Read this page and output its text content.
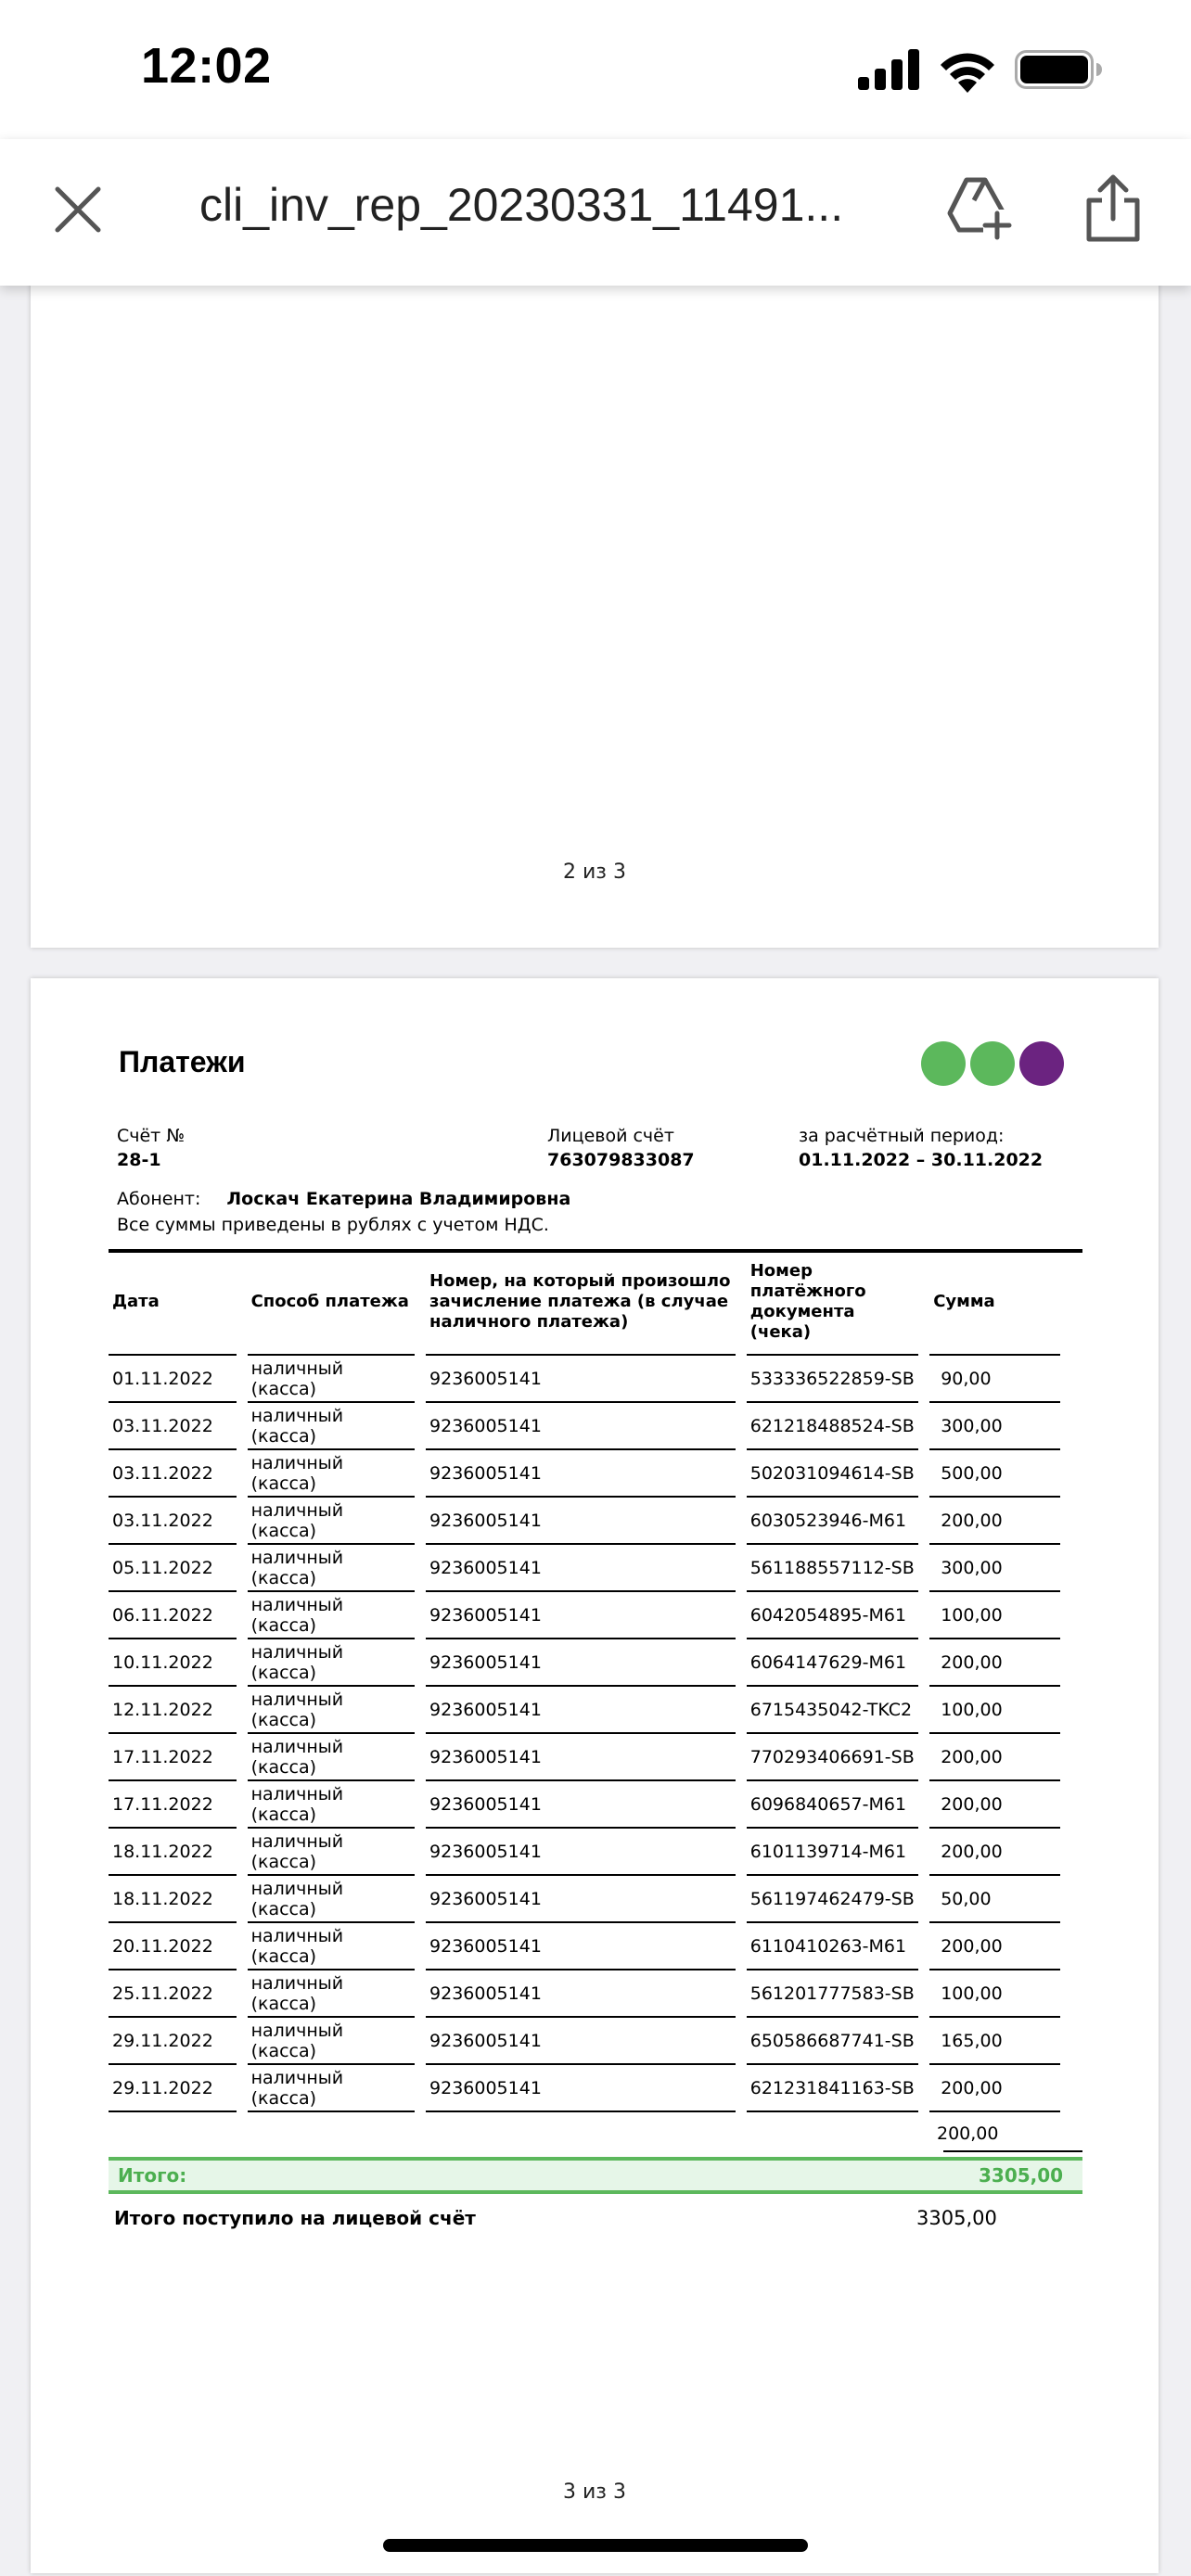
12:02
cli_inv_rep_20230331_11491...
2 из 3
Платежи
Счёт №
28-1
Лицевой счёт
763079833087
за расчётный период:
01.11.2022 – 30.11.2022
Абонент: Лоскач Екатерина Владимировна
Все суммы приведены в рублях с учетом НДС.
Дата	Способ платежа	Номер, на который произошло зачисление платежа (в случае наличного платежа)	Номер платёжного документа (чека)	Сумма
01.11.2022	наличный (касса)	9236005141	533336522859-SB	90,00
03.11.2022	наличный (касса)	9236005141	621218488524-SB	300,00
03.11.2022	наличный (касса)	9236005141	502031094614-SB	500,00
03.11.2022	наличный (касса)	9236005141	6030523946-M61	200,00
05.11.2022	наличный (касса)	9236005141	561188557112-SB	300,00
06.11.2022	наличный (касса)	9236005141	6042054895-M61	100,00
10.11.2022	наличный (касса)	9236005141	6064147629-M61	200,00
12.11.2022	наличный (касса)	9236005141	6715435042-TKC2	100,00
17.11.2022	наличный (касса)	9236005141	770293406691-SB	200,00
17.11.2022	наличный (касса)	9236005141	6096840657-M61	200,00
18.11.2022	наличный (касса)	9236005141	6101139714-M61	200,00
18.11.2022	наличный (касса)	9236005141	561197462479-SB	50,00
20.11.2022	наличный (касса)	9236005141	6110410263-M61	200,00
25.11.2022	наличный (касса)	9236005141	561201777583-SB	100,00
29.11.2022	наличный (касса)	9236005141	650586687741-SB	165,00
29.11.2022	наличный (касса)	9236005141	621231841163-SB	200,00
200,00
Итого:	3305,00
Итого поступило на лицевой счёт	3305,00
3 из 3
